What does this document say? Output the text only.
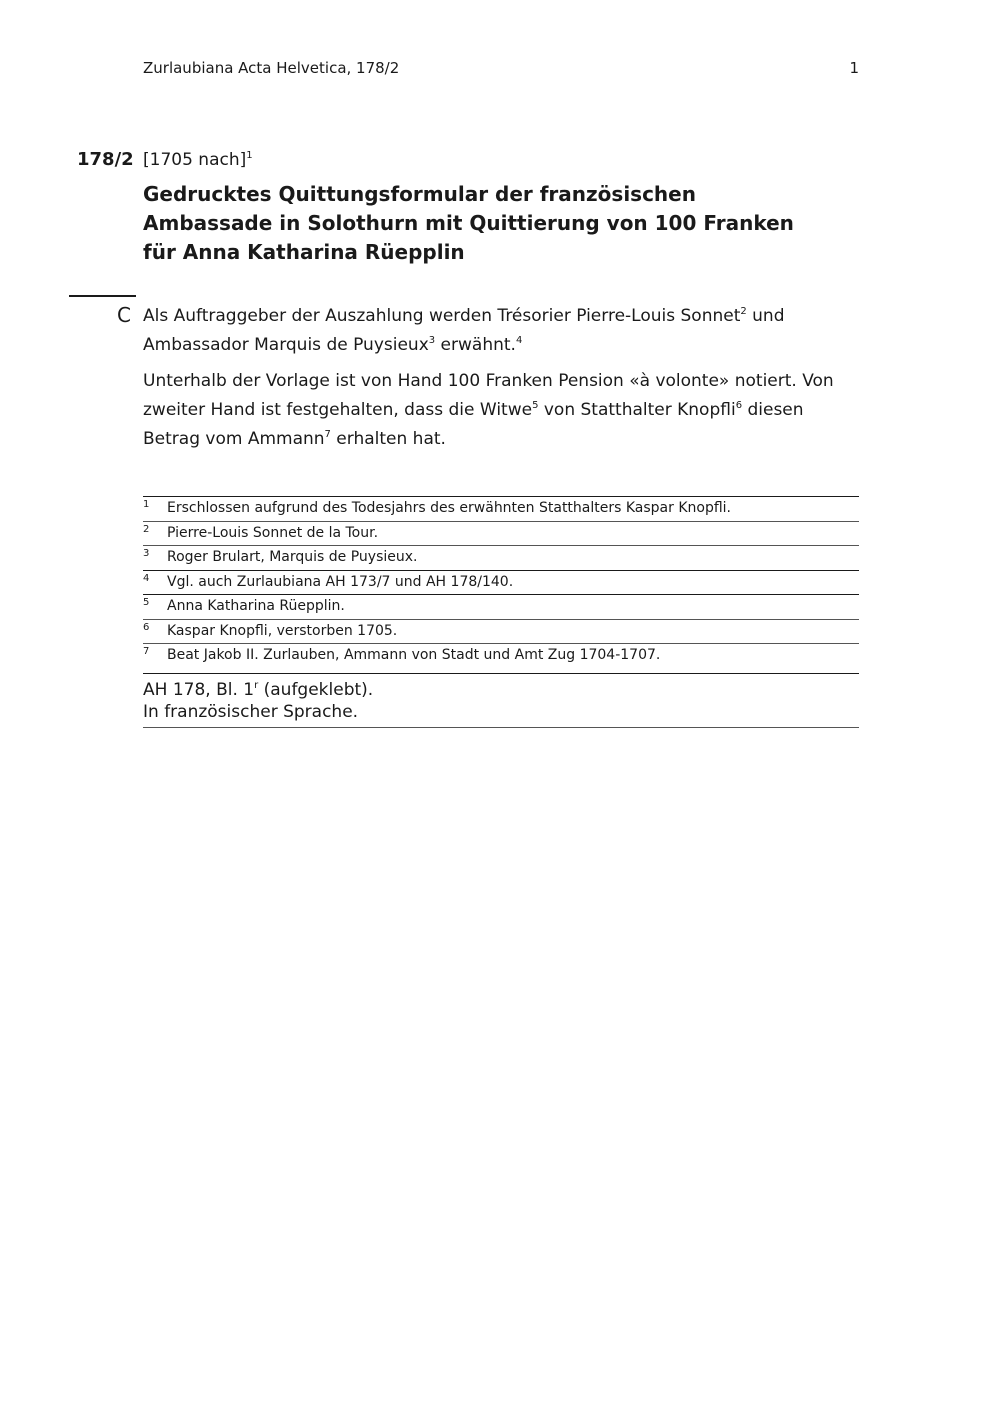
Zurlaubiana Acta Helvetica, 178/2	1
178/2 [1705 nach]$^1$
Gedrucktes Quittungsformular der französischen Ambassade in Solothurn mit Quittierung von 100 Franken für Anna Katharina Rüepplin
C Als Auftraggeber der Auszahlung werden Trésorier Pierre-Louis Sonnet$^2$ und Ambassador Marquis de Puysieux$^3$ erwähnt.$^4$

Unterhalb der Vorlage ist von Hand 100 Franken Pension «à volonte» notiert. Von zweiter Hand ist festgehalten, dass die Witwe$^5$ von Statthalter Knopfli$^6$ diesen Betrag vom Ammann$^7$ erhalten hat.

1 Erschlossen aufgrund des Todesjahrs des erwähnten Statthalters Kaspar Knopfli.
2 Pierre-Louis Sonnet de la Tour.
3 Roger Brulart, Marquis de Puysieux.
4 Vgl. auch Zurlaubiana AH 173/7 und AH 178/140.
5 Anna Katharina Rüepplin.
6 Kaspar Knopfli, verstorben 1705.
7 Beat Jakob II. Zurlauben, Ammann von Stadt und Amt Zug 1704-1707.
AH 178, Bl. 1$^r$ (aufgeklebt).
In französischer Sprache.
